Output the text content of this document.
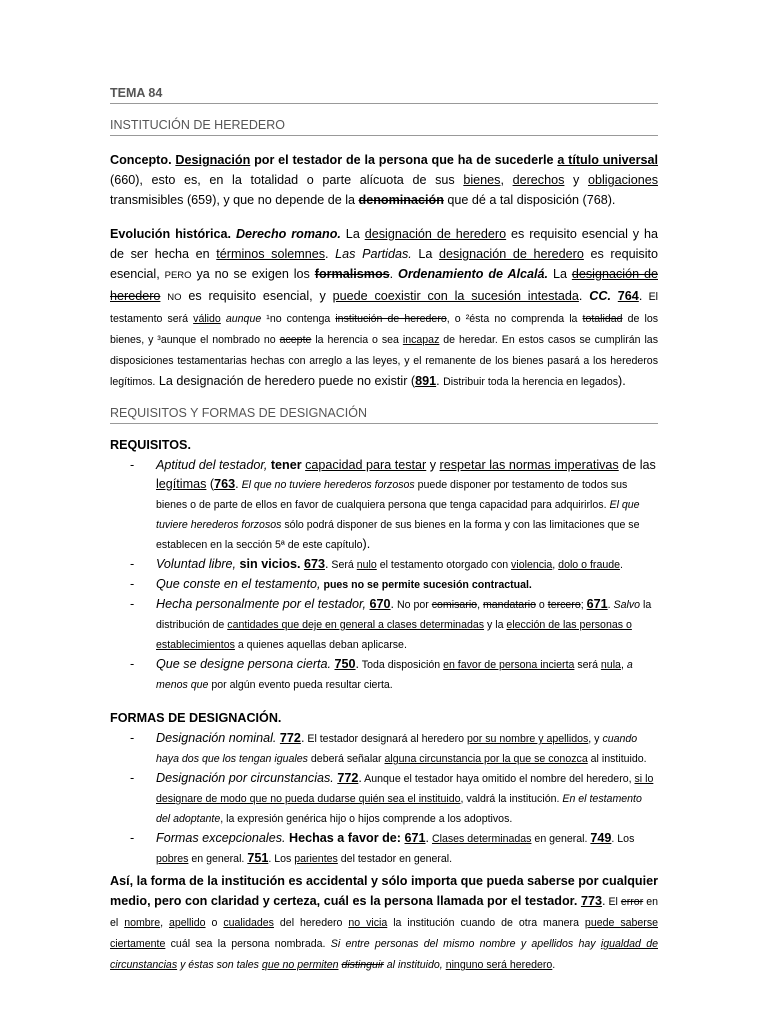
TEMA 84
INSTITUCIÓN DE HEREDERO

Concepto. Designación por el testador de la persona que ha de sucederle a título universal (660), esto es, en la totalidad o parte alícuota de sus bienes, derechos y obligaciones transmisibles (659), y que no depende de la denominación que dé a tal disposición (768).

Evolución histórica. Derecho romano. La designación de heredero es requisito esencial y ha de ser hecha en términos solemnes. Las Partidas. La designación de heredero es requisito esencial, PERO ya no se exigen los formalismos. Ordenamiento de Alcalá. La designación de heredero NO es requisito esencial, y puede coexistir con la sucesión intestada. CC. 764. El testamento será válido aunque ¹no contenga institución de heredero, o ²ésta no comprenda la totalidad de los bienes, y ³aunque el nombrado no acepte la herencia o sea incapaz de heredar. En estos casos se cumplirán las disposiciones testamentarias hechas con arreglo a las leyes, y el remanente de los bienes pasará a los herederos legítimos. La designación de heredero puede no existir (891. Distribuir toda la herencia en legados).

REQUISITOS Y FORMAS DE DESIGNACIÓN
REQUISITOS.
- Aptitud del testador, tener capacidad para testar y respetar las normas imperativas de las legítimas (763. El que no tuviere herederos forzosos puede disponer por testamento de todos sus bienes o de parte de ellos en favor de cualquiera persona que tenga capacidad para adquirirlos. El que tuviere herederos forzosos sólo podrá disponer de sus bienes en la forma y con las limitaciones que se establecen en la sección 5ª de este capítulo).
- Voluntad libre, sin vicios. 673. Será nulo el testamento otorgado con violencia, dolo o fraude.
- Que conste en el testamento, pues no se permite sucesión contractual.
- Hecha personalmente por el testador, 670. No por comisario, mandatario o tercero; 671. Salvo la distribución de cantidades que deje en general a clases determinadas y la elección de las personas o establecimientos a quienes aquellas deban aplicarse.
- Que se designe persona cierta. 750. Toda disposición en favor de persona incierta será nula, a menos que por algún evento pueda resultar cierta.
FORMAS DE DESIGNACIÓN.
- Designación nominal. 772. El testador designará al heredero por su nombre y apellidos, y cuando haya dos que los tengan iguales deberá señalar alguna circunstancia por la que se conozca al instituido.
- Designación por circunstancias. 772. Aunque el testador haya omitido el nombre del heredero, si lo designare de modo que no pueda dudarse quién sea el instituido, valdrá la institución. En el testamento del adoptante, la expresión genérica hijo o hijos comprende a los adoptivos.
- Formas excepcionales. Hechas a favor de: 671. Clases determinadas en general. 749. Los pobres en general. 751. Los parientes del testador en general.

Así, la forma de la institución es accidental y sólo importa que pueda saberse por cualquier medio, pero con claridad y certeza, cuál es la persona llamada por el testador. 773. El error en el nombre, apellido o cualidades del heredero no vicia la institución cuando de otra manera puede saberse ciertamente cuál sea la persona nombrada. Si entre personas del mismo nombre y apellidos hay igualdad de circunstancias y éstas son tales que no permiten distinguir al instituido, ninguno será heredero.
